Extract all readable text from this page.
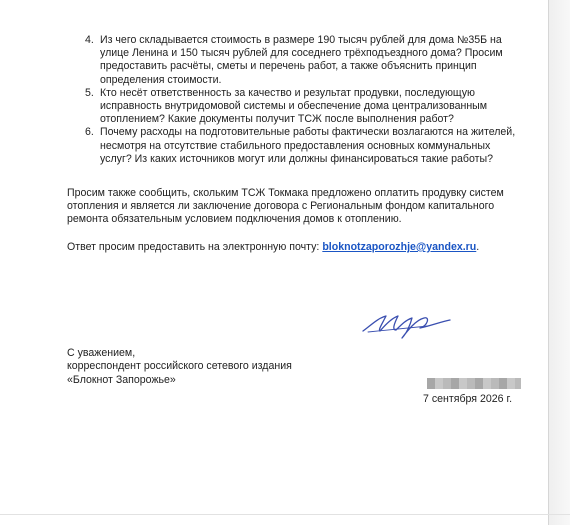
4. Из чего складывается стоимость в размере 190 тысяч рублей для дома №35Б на
улице Ленина и 150 тысяч рублей для соседнего трёхподъездного дома? Просим
предоставить расчёты, сметы и перечень работ, а также объяснить принцип
определения стоимости.
5. Кто несёт ответственность за качество и результат продувки, последующую
исправность внутридомовой системы и обеспечение дома централизованным
отоплением? Какие документы получит ТСЖ после выполнения работ?
6. Почему расходы на подготовительные работы фактически возлагаются на жителей,
несмотря на отсутствие стабильного предоставления основных коммунальных
услуг? Из каких источников могут или должны финансироваться такие работы?
Просим также сообщить, скольким ТСЖ Токмака предложено оплатить продувку систем
отопления и является ли заключение договора с Региональным фондом капитального
ремонта обязательным условием подключения домов к отоплению.
Ответ просим предоставить на электронную почту: bloknotzaporozhje@yandex.ru.
С уважением,
корреспондент российского сетевого издания
«Блокнот Запорожье»
7 сентября 2026 г.
